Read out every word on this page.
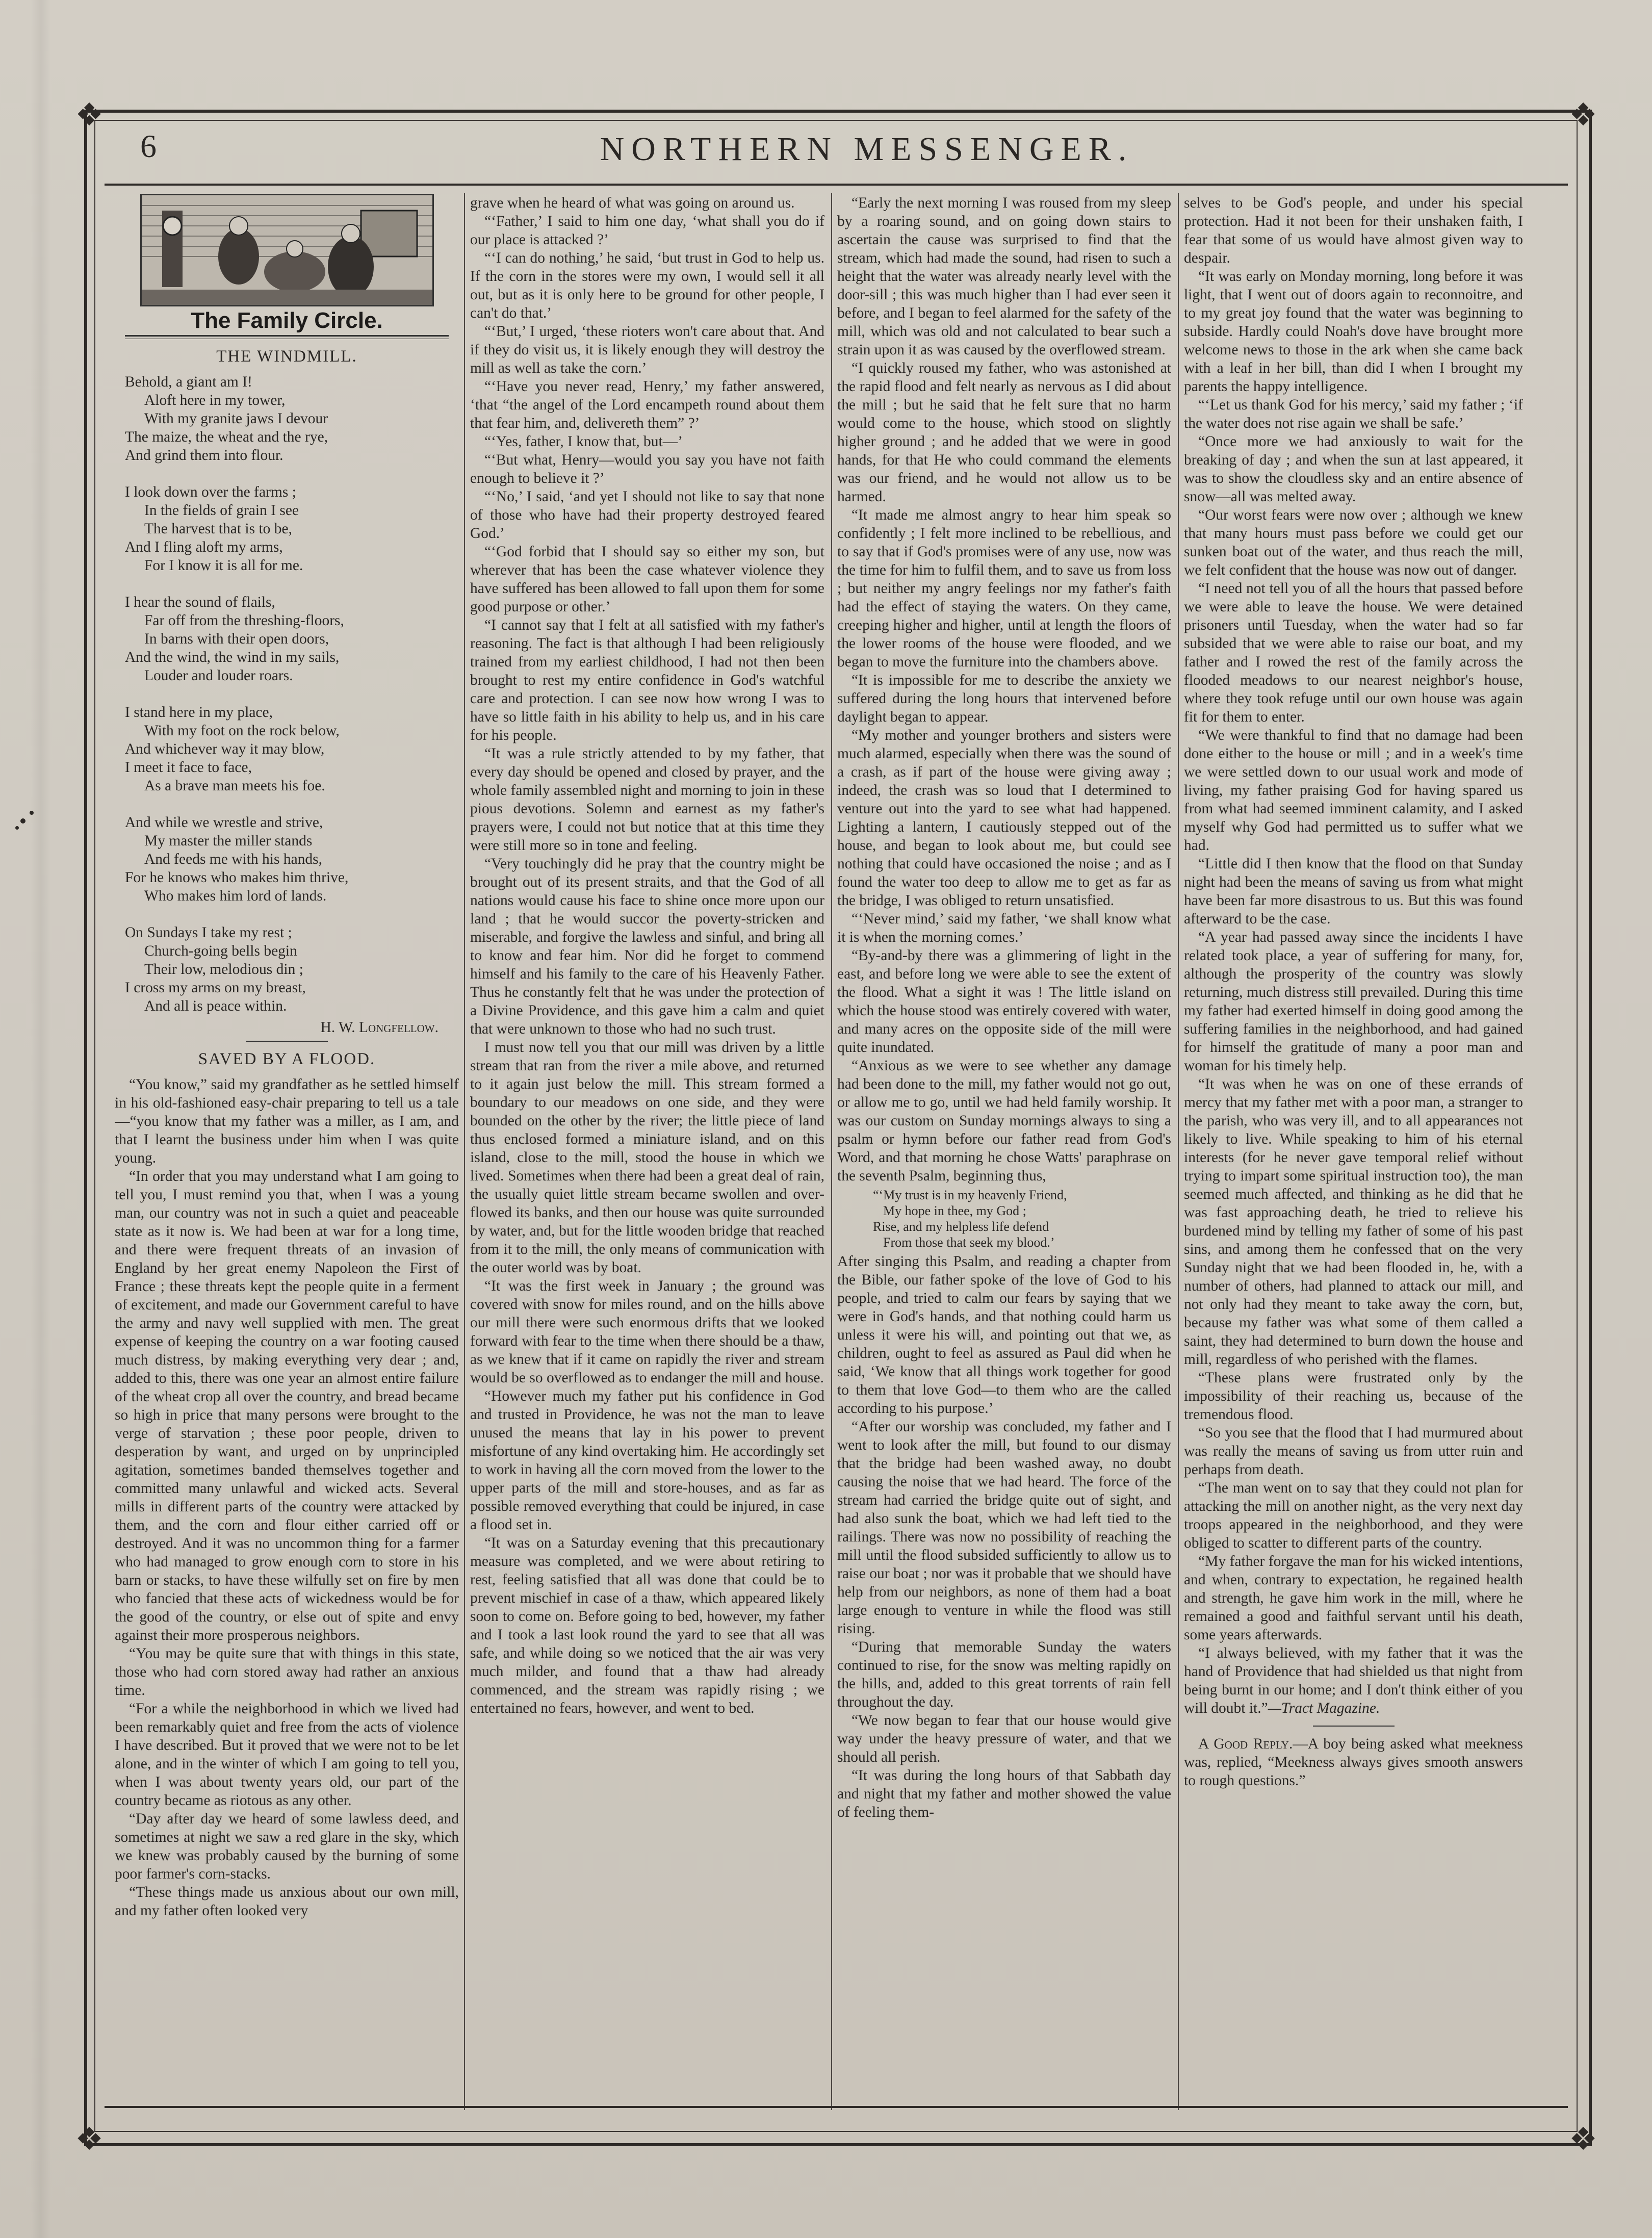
❖	❖
❖	❖
6	NORTHERN MESSENGER.
The Family Circle.
THE WINDMILL.
Behold, a giant am I!
Aloft here in my tower,
With my granite jaws I devour
The maize, the wheat and the rye,
And grind them into flour.
I look down over the farms ;
In the fields of grain I see
The harvest that is to be,
And I fling aloft my arms,
For I know it is all for me.
I hear the sound of flails,
Far off from the threshing-floors,
In barns with their open doors,
And the wind, the wind in my sails,
Louder and louder roars.
I stand here in my place,
With my foot on the rock below,
And whichever way it may blow,
I meet it face to face,
As a brave man meets his foe.
And while we wrestle and strive,
My master the miller stands
And feeds me with his hands,
For he knows who makes him thrive,
Who makes him lord of lands.
On Sundays I take my rest ;
Church-going bells begin
Their low, melodious din ;
I cross my arms on my breast,
And all is peace within.
H. W. Longfellow.
SAVED BY A FLOOD.

“You know,” said my grandfather as he settled himself in his old-fashioned easy-chair preparing to tell us a tale—“you know that my father was a miller, as I am, and that I learnt the business under him when I was quite young.

“In order that you may understand what I am going to tell you, I must remind you that, when I was a young man, our country was not in such a quiet and peaceable state as it now is. We had been at war for a long time, and there were frequent threats of an invasion of England by her great enemy Napoleon the First of France ; these threats kept the people quite in a ferment of excitement, and made our Government careful to have the army and navy well supplied with men. The great expense of keeping the country on a war footing caused much distress, by making everything very dear ; and, added to this, there was one year an almost entire failure of the wheat crop all over the country, and bread became so high in price that many persons were brought to the verge of starvation ; these poor people, driven to desperation by want, and urged on by unprincipled agitation, sometimes banded themselves together and committed many unlawful and wicked acts. Several mills in different parts of the country were attacked by them, and the corn and flour either carried off or destroyed. And it was no uncommon thing for a farmer who had managed to grow enough corn to store in his barn or stacks, to have these wilfully set on fire by men who fancied that these acts of wickedness would be for the good of the country, or else out of spite and envy against their more prosperous neighbors.

“You may be quite sure that with things in this state, those who had corn stored away had rather an anxious time.

“For a while the neighborhood in which we lived had been remarkably quiet and free from the acts of violence I have described. But it proved that we were not to be let alone, and in the winter of which I am going to tell you, when I was about twenty years old, our part of the country became as riotous as any other.

“Day after day we heard of some lawless deed, and sometimes at night we saw a red glare in the sky, which we knew was probably caused by the burning of some poor farmer's corn-stacks.

“These things made us anxious about our own mill, and my father often looked very

grave when he heard of what was going on around us.

“‘Father,’ I said to him one day, ‘what shall you do if our place is attacked ?’

“‘I can do nothing,’ he said, ‘but trust in God to help us. If the corn in the stores were my own, I would sell it all out, but as it is only here to be ground for other people, I can't do that.’

“‘But,’ I urged, ‘these rioters won't care about that. And if they do visit us, it is likely enough they will destroy the mill as well as take the corn.’

“‘Have you never read, Henry,’ my father answered, ‘that “the angel of the Lord encampeth round about them that fear him, and, delivereth them” ?’

“‘Yes, father, I know that, but—’

“‘But what, Henry—would you say you have not faith enough to believe it ?’

“‘No,’ I said, ‘and yet I should not like to say that none of those who have had their property destroyed feared God.’

“‘God forbid that I should say so either my son, but wherever that has been the case whatever violence they have suffered has been allowed to fall upon them for some good purpose or other.’

“I cannot say that I felt at all satisfied with my father's reasoning. The fact is that although I had been religiously trained from my earliest childhood, I had not then been brought to rest my entire confidence in God's watchful care and protection. I can see now how wrong I was to have so little faith in his ability to help us, and in his care for his people.

“It was a rule strictly attended to by my father, that every day should be opened and closed by prayer, and the whole family assembled night and morning to join in these pious devotions. Solemn and earnest as my father's prayers were, I could not but notice that at this time they were still more so in tone and feeling.

“Very touchingly did he pray that the country might be brought out of its present straits, and that the God of all nations would cause his face to shine once more upon our land ; that he would succor the poverty-stricken and miserable, and forgive the lawless and sinful, and bring all to know and fear him. Nor did he forget to commend himself and his family to the care of his Heavenly Father. Thus he constantly felt that he was under the protection of a Divine Providence, and this gave him a calm and quiet that were unknown to those who had no such trust.

I must now tell you that our mill was driven by a little stream that ran from the river a mile above, and returned to it again just below the mill. This stream formed a boundary to our meadows on one side, and they were bounded on the other by the river; the little piece of land thus enclosed formed a miniature island, and on this island, close to the mill, stood the house in which we lived. Sometimes when there had been a great deal of rain, the usually quiet little stream became swollen and over-flowed its banks, and then our house was quite surrounded by water, and, but for the little wooden bridge that reached from it to the mill, the only means of communication with the outer world was by boat.

“It was the first week in January ; the ground was covered with snow for miles round, and on the hills above our mill there were such enormous drifts that we looked forward with fear to the time when there should be a thaw, as we knew that if it came on rapidly the river and stream would be so overflowed as to endanger the mill and house.

“However much my father put his confidence in God and trusted in Providence, he was not the man to leave unused the means that lay in his power to prevent misfortune of any kind overtaking him. He accordingly set to work in having all the corn moved from the lower to the upper parts of the mill and store-houses, and as far as possible removed everything that could be injured, in case a flood set in.

“It was on a Saturday evening that this precautionary measure was completed, and we were about retiring to rest, feeling satisfied that all was done that could be to prevent mischief in case of a thaw, which appeared likely soon to come on. Before going to bed, however, my father and I took a last look round the yard to see that all was safe, and while doing so we noticed that the air was very much milder, and found that a thaw had already commenced, and the stream was rapidly rising ; we entertained no fears, however, and went to bed.

“Early the next morning I was roused from my sleep by a roaring sound, and on going down stairs to ascertain the cause was surprised to find that the stream, which had made the sound, had risen to such a height that the water was already nearly level with the door-sill ; this was much higher than I had ever seen it before, and I began to feel alarmed for the safety of the mill, which was old and not calculated to bear such a strain upon it as was caused by the overflowed stream.

“I quickly roused my father, who was astonished at the rapid flood and felt nearly as nervous as I did about the mill ; but he said that he felt sure that no harm would come to the house, which stood on slightly higher ground ; and he added that we were in good hands, for that He who could command the elements was our friend, and he would not allow us to be harmed.

“It made me almost angry to hear him speak so confidently ; I felt more inclined to be rebellious, and to say that if God's promises were of any use, now was the time for him to fulfil them, and to save us from loss ; but neither my angry feelings nor my father's faith had the effect of staying the waters. On they came, creeping higher and higher, until at length the floors of the lower rooms of the house were flooded, and we began to move the furniture into the chambers above.

“It is impossible for me to describe the anxiety we suffered during the long hours that intervened before daylight began to appear.

“My mother and younger brothers and sisters were much alarmed, especially when there was the sound of a crash, as if part of the house were giving away ; indeed, the crash was so loud that I determined to venture out into the yard to see what had happened. Lighting a lantern, I cautiously stepped out of the house, and began to look about me, but could see nothing that could have occasioned the noise ; and as I found the water too deep to allow me to get as far as the bridge, I was obliged to return unsatisfied.

“‘Never mind,’ said my father, ‘we shall know what it is when the morning comes.’

“By-and-by there was a glimmering of light in the east, and before long we were able to see the extent of the flood. What a sight it was ! The little island on which the house stood was entirely covered with water, and many acres on the opposite side of the mill were quite inundated.

“Anxious as we were to see whether any damage had been done to the mill, my father would not go out, or allow me to go, until we had held family worship. It was our custom on Sunday mornings always to sing a psalm or hymn before our father read from God's Word, and that morning he chose Watts' paraphrase on the seventh Psalm, beginning thus,

“‘My trust is in my heavenly Friend,
My hope in thee, my God ;
Rise, and my helpless life defend
From those that seek my blood.’

After singing this Psalm, and reading a chapter from the Bible, our father spoke of the love of God to his people, and tried to calm our fears by saying that we were in God's hands, and that nothing could harm us unless it were his will, and pointing out that we, as children, ought to feel as assured as Paul did when he said, ‘We know that all things work together for good to them that love God—to them who are the called according to his purpose.’

“After our worship was concluded, my father and I went to look after the mill, but found to our dismay that the bridge had been washed away, no doubt causing the noise that we had heard. The force of the stream had carried the bridge quite out of sight, and had also sunk the boat, which we had left tied to the railings. There was now no possibility of reaching the mill until the flood subsided sufficiently to allow us to raise our boat ; nor was it probable that we should have help from our neighbors, as none of them had a boat large enough to venture in while the flood was still rising.

“During that memorable Sunday the waters continued to rise, for the snow was melting rapidly on the hills, and, added to this great torrents of rain fell throughout the day.

“We now began to fear that our house would give way under the heavy pressure of water, and that we should all perish.

“It was during the long hours of that Sabbath day and night that my father and mother showed the value of feeling them-

selves to be God's people, and under his special protection. Had it not been for their unshaken faith, I fear that some of us would have almost given way to despair.

“It was early on Monday morning, long before it was light, that I went out of doors again to reconnoitre, and to my great joy found that the water was beginning to subside. Hardly could Noah's dove have brought more welcome news to those in the ark when she came back with a leaf in her bill, than did I when I brought my parents the happy intelligence.

“‘Let us thank God for his mercy,’ said my father ; ‘if the water does not rise again we shall be safe.’

“Once more we had anxiously to wait for the breaking of day ; and when the sun at last appeared, it was to show the cloudless sky and an entire absence of snow—all was melted away.

“Our worst fears were now over ; although we knew that many hours must pass before we could get our sunken boat out of the water, and thus reach the mill, we felt confident that the house was now out of danger.

“I need not tell you of all the hours that passed before we were able to leave the house. We were detained prisoners until Tuesday, when the water had so far subsided that we were able to raise our boat, and my father and I rowed the rest of the family across the flooded meadows to our nearest neighbor's house, where they took refuge until our own house was again fit for them to enter.

“We were thankful to find that no damage had been done either to the house or mill ; and in a week's time we were settled down to our usual work and mode of living, my father praising God for having spared us from what had seemed imminent calamity, and I asked myself why God had permitted us to suffer what we had.

“Little did I then know that the flood on that Sunday night had been the means of saving us from what might have been far more disastrous to us. But this was found afterward to be the case.

“A year had passed away since the incidents I have related took place, a year of suffering for many, for, although the prosperity of the country was slowly returning, much distress still prevailed. During this time my father had exerted himself in doing good among the suffering families in the neighborhood, and had gained for himself the gratitude of many a poor man and woman for his timely help.

“It was when he was on one of these errands of mercy that my father met with a poor man, a stranger to the parish, who was very ill, and to all appearances not likely to live. While speaking to him of his eternal interests (for he never gave temporal relief without trying to impart some spiritual instruction too), the man seemed much affected, and thinking as he did that he was fast approaching death, he tried to relieve his burdened mind by telling my father of some of his past sins, and among them he confessed that on the very Sunday night that we had been flooded in, he, with a number of others, had planned to attack our mill, and not only had they meant to take away the corn, but, because my father was what some of them called a saint, they had determined to burn down the house and mill, regardless of who perished with the flames.

“These plans were frustrated only by the impossibility of their reaching us, because of the tremendous flood.

“So you see that the flood that I had murmured about was really the means of saving us from utter ruin and perhaps from death.

“The man went on to say that they could not plan for attacking the mill on another night, as the very next day troops appeared in the neighborhood, and they were obliged to scatter to different parts of the country.

“My father forgave the man for his wicked intentions, and when, contrary to expectation, he regained health and strength, he gave him work in the mill, where he remained a good and faithful servant until his death, some years afterwards.

“I always believed, with my father that it was the hand of Providence that had shielded us that night from being burnt in our home; and I don't think either of you will doubt it.”—Tract Magazine.

A Good Reply.—A boy being asked what meekness was, replied, “Meekness always gives smooth answers to rough questions.”
